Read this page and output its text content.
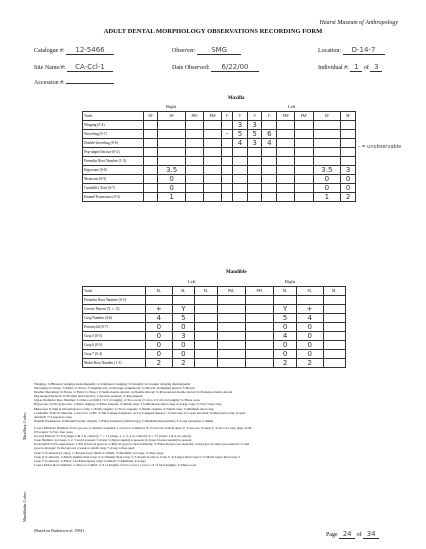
Hearst Museum of Anthropology
ADULT DENTAL MORPHOLOGY OBSERVATIONS RECORDING FORM
Catalogue #: 12-5466	Observer: SMG	Location: D-14-7
Site Name/#: CA-Ccl-1	Date Observed: 6/22/00	Individual #: 1 of 3
Accession #:
Maxilla
Right	Left
Tooth	M²	M¹	PM²	PM¹	I²	I¹	I¹	I²	PM¹	PM²	M¹	M²
Winging (0-4)						3	3					
Shoveling (0-7)					-	5	5	6				
Double-shoveling (0-6)						4	3	4				
Peg-shaped Incisor (0-2)												
Premolar Root Number (1-3)												
Hypocone (0-6)		3.5									3.5	3
Metacone (0-5)		0									0	0
Carabelli's Trait (0-7)		0									0	0
Enamel Extensions (0-3)		1									1	2
- = unobservable
Mandible
Left	Right
Tooth	M₃	M₂	M₁	PM₂	PM₁	M₁	M₂	M₃
Premolar Root Number (0-5)								
Groove Pattern (Y, +, X)	+	Y				Y	+	
Cusp Number (4-6)	4	5				5	4	
Protostylid (0-7)	0	0				0	0	
Cusp 5 (0-5)	0	3				4	0	
Cusp 6 (0-5)	0	0				0	0	
Cusp 7 (0-4)	0	0				0	0	
Molar Root Number (1-3)	2	2				2	2	
Maxillary Codes:
Winging: 1=Bilateral winging mesiolingually; 2=Unilateral winging; 3=Straight; 4=Counter winging distolingually
Shoveling: 0=None; 1=Faint; 2=Trace; 3=Semishovel; 4=Stronger semishovel; 5=Shovel; 6=Marked shovel; 7=Barrel
Double Shoveling: 0=None; 1=Faint; 2=Trace; 3=Semi-double shovel; 4=Double shovel; 5=Pronounced double shovel; 6=Extreme double shovel
Peg-shaped Incisors: 0=Normal sized incisor; 1=Incisor reduced; 2=Peg-shaped
Upper Premolar Root Number: 1=One root (bifid <1/3 of length); 2=Two roots (>1/4 to 1/3 of total length); 3=Three roots
Hypocone: 0=No hypocone; 1=Faint ridging; 2=Faint cuspule; 3=Small cusp; 3.5=Moderate-sized cusp; 4=Large cusp; 5=Very large cusp
Metacone: 0=Site is smooth/groove only; 1=Faint cuspule; 2=Trace cuspule; 3=Small cuspule; 4=Small cusp; 5=Medium sized cusp
Carabelli's Trait: 0=Smooth; 1=Groove; 2=Pit; 3=Sm Y-shaped depress.; 4=Lg Y-shaped depress.; 5=Sm cusp w/o apex attached; 6=Med-sized cusp w/apex
attached; 7=Large free cusp
Enamel Extensions: 0=Enamel border straight; 1=Faint extension (1mm long); 2=Medium-sized (2mm); 3=Long extension (>4mm)
Mandibular Codes:
Lower PM Root Number: 0=No groove or shallow/rounded; 1=Groove w/shallow V; 2=Groove w/mod deep V; 3=Groove w/deep V; 4=Groove very deep on M
D borders; 5=Two free roots
Groove Pattern: Y=Y4 (cusps 2 & 3 in contact); + = +4 (cusps 1, 2, 3, 4 in contact); X = +5 (cusps 1 & 4 in contact)
Cusp Number: 4=Cusps 1, 2, 3 and 4 present; 5=Cusp 5 (hypoconulid) is present; 6=Cusp 6 (entoconulid) is present
Protostylid: 0=No expression; 1=Pit in buccal groove; 2=Buccal groove curved distally; 3=Faint 2nd groove mesially; 4=2nd groove more pronounced; 5=2nd
groove stronger; 6=2nd groove a weak or small cusp; 7=Cusp w/free apex
Cusp 5: 0=Absent (4 only); 1=Present/very small; 2=Small; 3=Medium; 4=Large; 5=Very large
Cusp 6: 0=Absent; 1=Much smaller than Cusp 5; 2=Smaller than Cusp 5; 3=Equal in size to Cusp 5; 4=Larger than Cusp 5; 5=Much larger than Cusp 5
Cusp 7: 0=Absent; 1=Faint; 1A=Faint tipless cusp; 2=Small; 3=Medium; 4=Large
Lower Molar Root Number: 1=One root (bifid <1/3 of length); 2=Two roots (>1/4 to 1/3 of total length); 3=Three roots
(Based on Buikstra et al. 1994)
Page 24 of 34
